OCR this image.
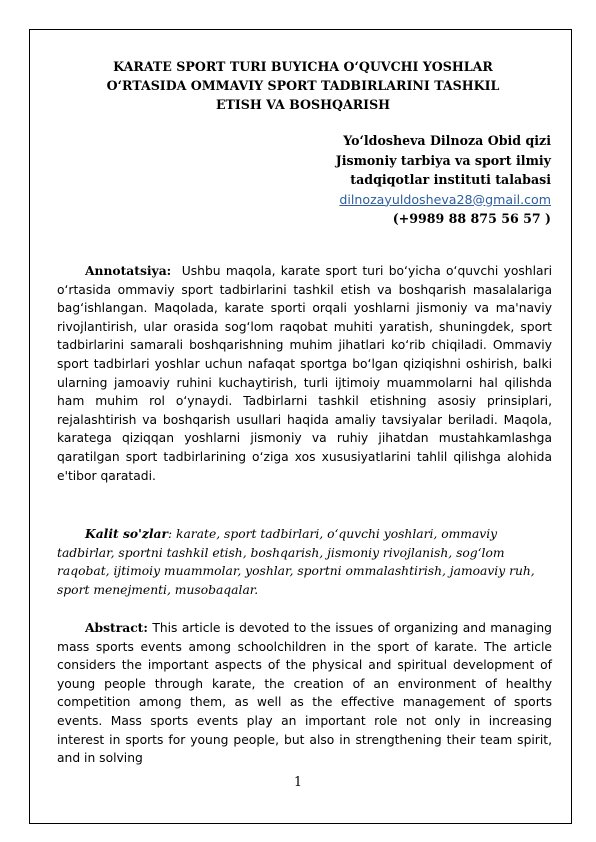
KARATE SPORT TURI BUYICHA O‘QUVCHI YOSHLAR
O‘RTASIDA OMMAVIY SPORT TADBIRLARINI TASHKIL
ETISH VA BOSHQARISH
Yo‘ldosheva Dilnoza Obid qizi
Jismoniy tarbiya va sport ilmiy
tadqiqotlar instituti talabasi
dilnozayuldosheva28@gmail.com
(+9989 88 875 56 57 )

Annotatsiya: Ushbu maqola, karate sport turi bo‘yicha o‘quvchi yoshlari o‘rtasida ommaviy sport tadbirlarini tashkil etish va boshqarish masalalariga bag‘ishlangan. Maqolada, karate sporti orqali yoshlarni jismoniy va ma'naviy rivojlantirish, ular orasida sog‘lom raqobat muhiti yaratish, shuningdek, sport tadbirlarini samarali boshqarishning muhim jihatlari ko‘rib chiqiladi. Ommaviy sport tadbirlari yoshlar uchun nafaqat sportga bo‘lgan qiziqishni oshirish, balki ularning jamoaviy ruhini kuchaytirish, turli ijtimoiy muammolarni hal qilishda ham muhim rol o‘ynaydi. Tadbirlarni tashkil etishning asosiy prinsiplari, rejalashtirish va boshqarish usullari haqida amaliy tavsiyalar beriladi. Maqola, karatega qiziqqan yoshlarni jismoniy va ruhiy jihatdan mustahkamlashga qaratilgan sport tadbirlarining o‘ziga xos xususiyatlarini tahlil qilishga alohida e'tibor qaratadi.

Kalit so'zlar: karate, sport tadbirlari, o‘quvchi yoshlari, ommaviy tadbirlar, sportni tashkil etish, boshqarish, jismoniy rivojlanish, sog‘lom raqobat, ijtimoiy muammolar, yoshlar, sportni ommalashtirish, jamoaviy ruh, sport menejmenti, musobaqalar.

Abstract: This article is devoted to the issues of organizing and managing mass sports events among schoolchildren in the sport of karate. The article considers the important aspects of the physical and spiritual development of young people through karate, the creation of an environment of healthy competition among them, as well as the effective management of sports events. Mass sports events play an important role not only in increasing interest in sports for young people, but also in strengthening their team spirit, and in solving

1
